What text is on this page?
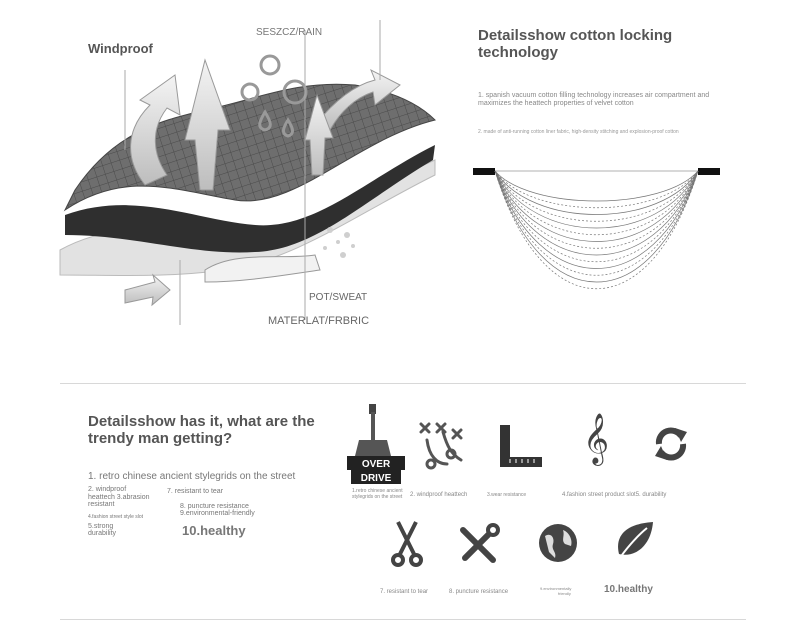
Windproof
SESZCZ/RAIN
POT/SWEAT
MATERLAT/FRBRIC
Detailsshow cotton locking
technology
1. spanish vacuum cotton filling technology increases air compartment and
maximizes the heattech properties of velvet cotton
2. made of anti-running cotton liner fabric, high-density stitching and explosion-proof cotton
Detailsshow has it, what are the
trendy man getting?
1. retro chinese ancient stylegrids on the street
2. windproof
heattech 3.abrasion
resistant
7. resistant to tear
8. puncture resistance
9.environmental-friendly
4.fashion street style slot
5.strong
durability	10.healthy
OVER
DRIVE
1.retro chinese ancient
stylegrids on the street 2. windproof heattech	3.wear resistance
𝄞
4.fashion street product slot5. durability
7. resistant to tear	8. puncture resistance
9.environmentally
friendly	10.healthy
